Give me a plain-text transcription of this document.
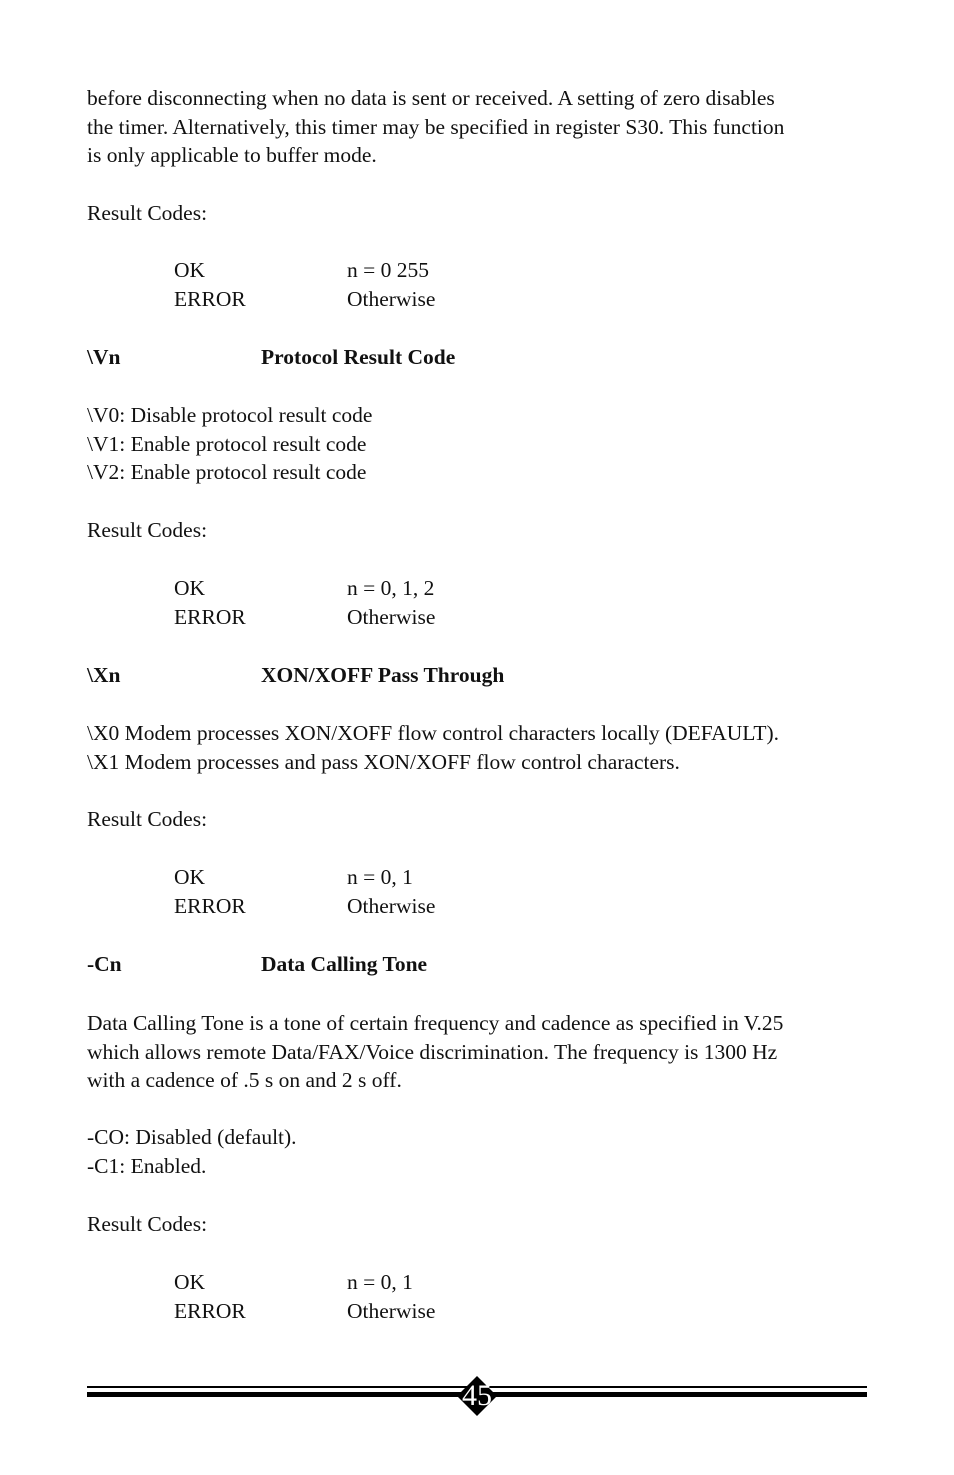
before disconnecting when no data is sent or received. A setting of zero disables
the timer. Alternatively, this timer may be specified in register S30. This function
is only applicable to buffer mode.
Result Codes:
OK	n = 0 255
ERROR	Otherwise
\Vn	Protocol Result Code
\V0: Disable protocol result code
\V1: Enable protocol result code
\V2: Enable protocol result code
Result Codes:
OK	n = 0, 1, 2
ERROR	Otherwise
\Xn	XON/XOFF Pass Through
\X0 Modem processes XON/XOFF flow control characters locally (DEFAULT).
\X1 Modem processes and pass XON/XOFF flow control characters.
Result Codes:
OK	n = 0, 1
ERROR	Otherwise
-Cn	Data Calling Tone
Data Calling Tone is a tone of certain frequency and cadence as specified in V.25
which allows remote Data/FAX/Voice discrimination. The frequency is 1300 Hz
with a cadence of .5 s on and 2 s off.
-CO: Disabled (default).
-C1: Enabled.
Result Codes:
OK	n = 0, 1
ERROR	Otherwise
45
